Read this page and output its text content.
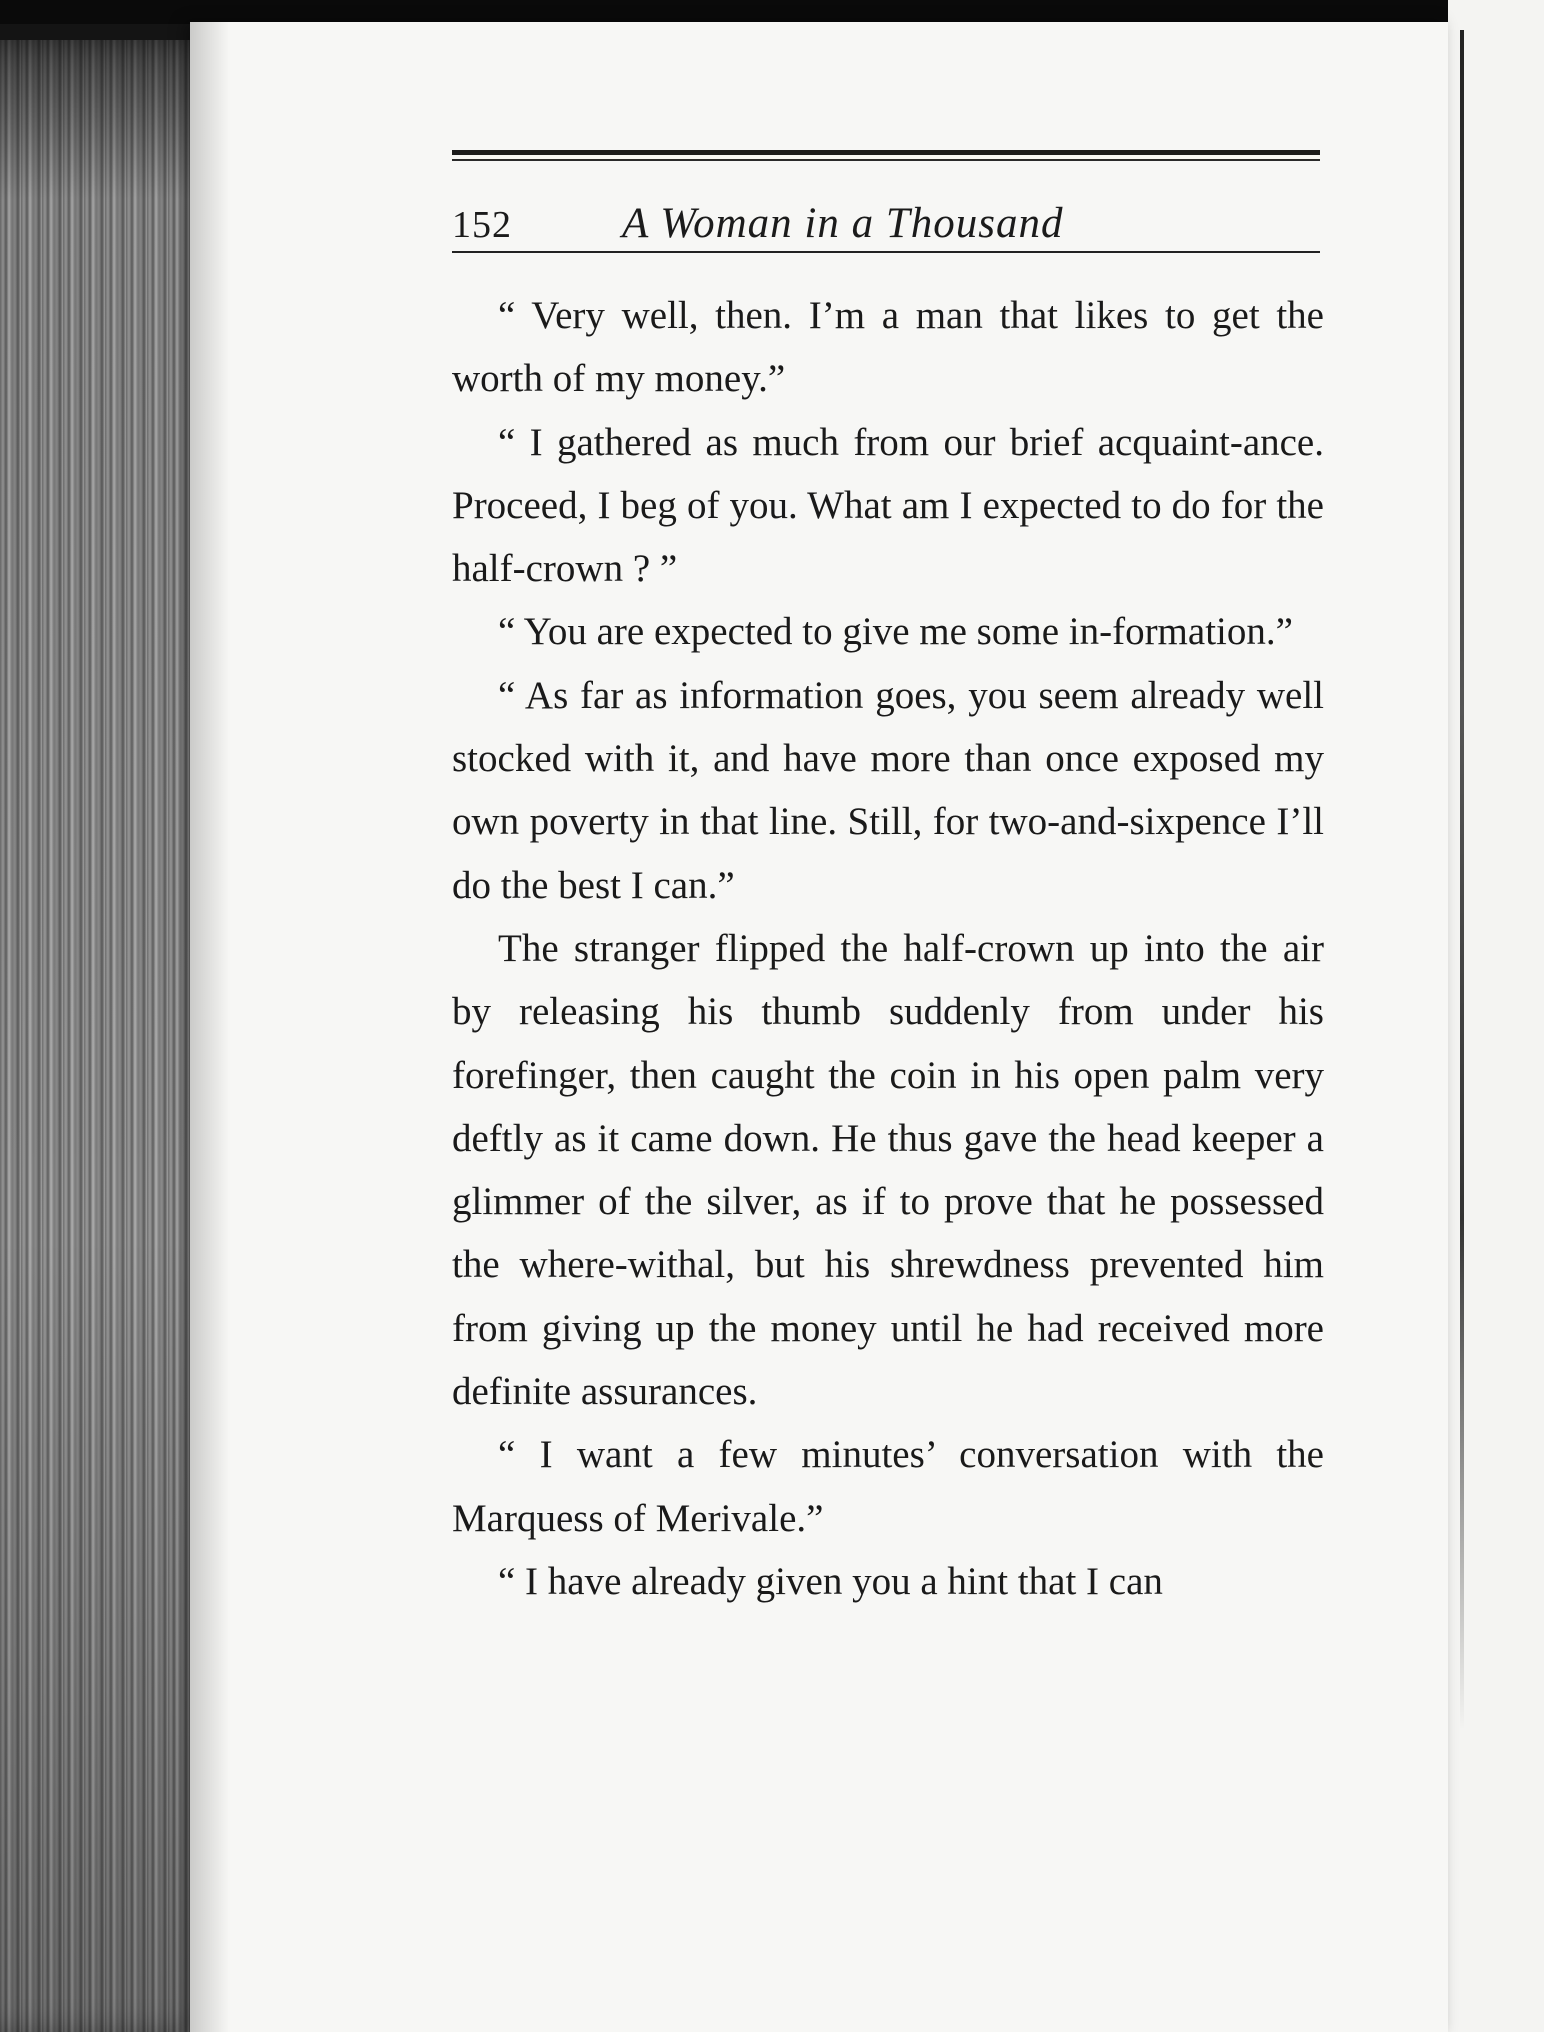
152	A Woman in a Thousand

“ Very well, then. I’m a man that likes to get the worth of my money.”

“ I gathered as much from our brief acquaint-ance. Proceed, I beg of you. What am I expected to do for the half-crown ? ”

“ You are expected to give me some in-formation.”

“ As far as information goes, you seem already well stocked with it, and have more than once exposed my own poverty in that line. Still, for two-and-sixpence I’ll do the best I can.”

The stranger flipped the half-crown up into the air by releasing his thumb suddenly from under his forefinger, then caught the coin in his open palm very deftly as it came down. He thus gave the head keeper a glimmer of the silver, as if to prove that he possessed the where-withal, but his shrewdness prevented him from giving up the money until he had received more definite assurances.

“ I want a few minutes’ conversation with the Marquess of Merivale.”

“ I have already given you a hint that I can
